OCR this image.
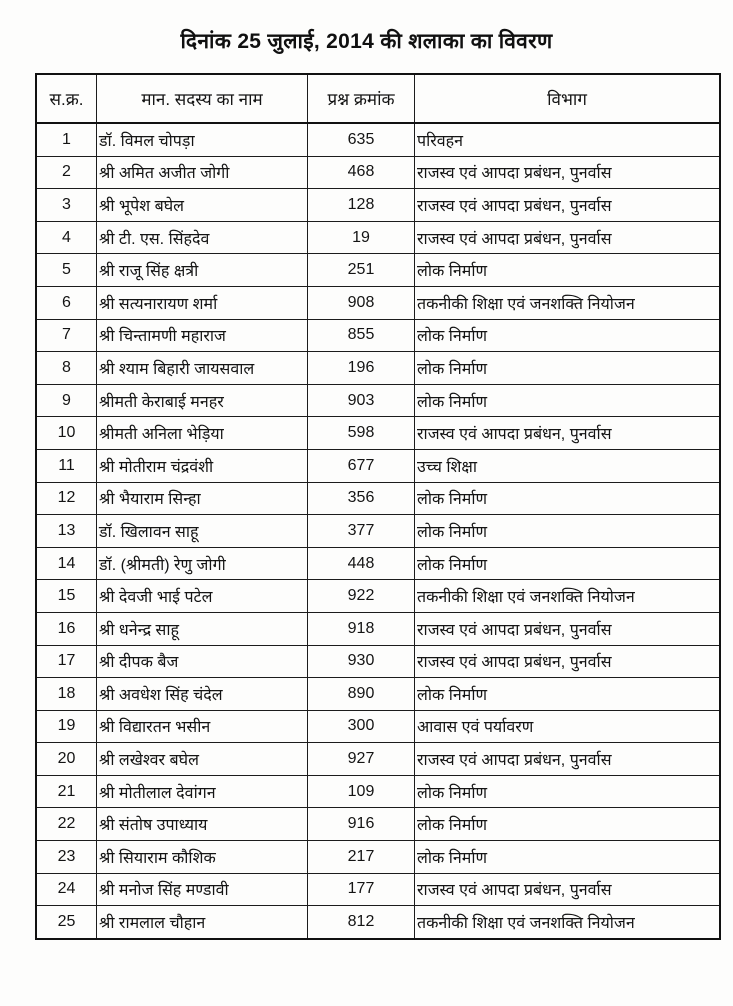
दिनांक 25 जुलाई, 2014 की शलाका का विवरण
स.क्र.	मान. सदस्य का नाम	प्रश्न क्रमांक	विभाग
1	डॉ. विमल चोपड़ा	635	परिवहन
2	श्री अमित अजीत जोगी	468	राजस्व एवं आपदा प्रबंधन, पुनर्वास
3	श्री भूपेश बघेल	128	राजस्व एवं आपदा प्रबंधन, पुनर्वास
4	श्री टी. एस. सिंहदेव	19	राजस्व एवं आपदा प्रबंधन, पुनर्वास
5	श्री राजू सिंह क्षत्री	251	लोक निर्माण
6	श्री सत्यनारायण शर्मा	908	तकनीकी शिक्षा एवं जनशक्ति नियोजन
7	श्री चिन्तामणी महाराज	855	लोक निर्माण
8	श्री श्याम बिहारी जायसवाल	196	लोक निर्माण
9	श्रीमती केराबाई मनहर	903	लोक निर्माण
10	श्रीमती अनिला भेड़िया	598	राजस्व एवं आपदा प्रबंधन, पुनर्वास
11	श्री मोतीराम चंद्रवंशी	677	उच्च शिक्षा
12	श्री भैयाराम सिन्हा	356	लोक निर्माण
13	डॉ. खिलावन साहू	377	लोक निर्माण
14	डॉ. (श्रीमती) रेणु जोगी	448	लोक निर्माण
15	श्री देवजी भाई पटेल	922	तकनीकी शिक्षा एवं जनशक्ति नियोजन
16	श्री धनेन्द्र साहू	918	राजस्व एवं आपदा प्रबंधन, पुनर्वास
17	श्री दीपक बैज	930	राजस्व एवं आपदा प्रबंधन, पुनर्वास
18	श्री अवधेश सिंह चंदेल	890	लोक निर्माण
19	श्री विद्यारतन भसीन	300	आवास एवं पर्यावरण
20	श्री लखेश्वर बघेल	927	राजस्व एवं आपदा प्रबंधन, पुनर्वास
21	श्री मोतीलाल देवांगन	109	लोक निर्माण
22	श्री संतोष उपाध्याय	916	लोक निर्माण
23	श्री सियाराम कौशिक	217	लोक निर्माण
24	श्री मनोज सिंह मण्डावी	177	राजस्व एवं आपदा प्रबंधन, पुनर्वास
25	श्री रामलाल चौहान	812	तकनीकी शिक्षा एवं जनशक्ति नियोजन
